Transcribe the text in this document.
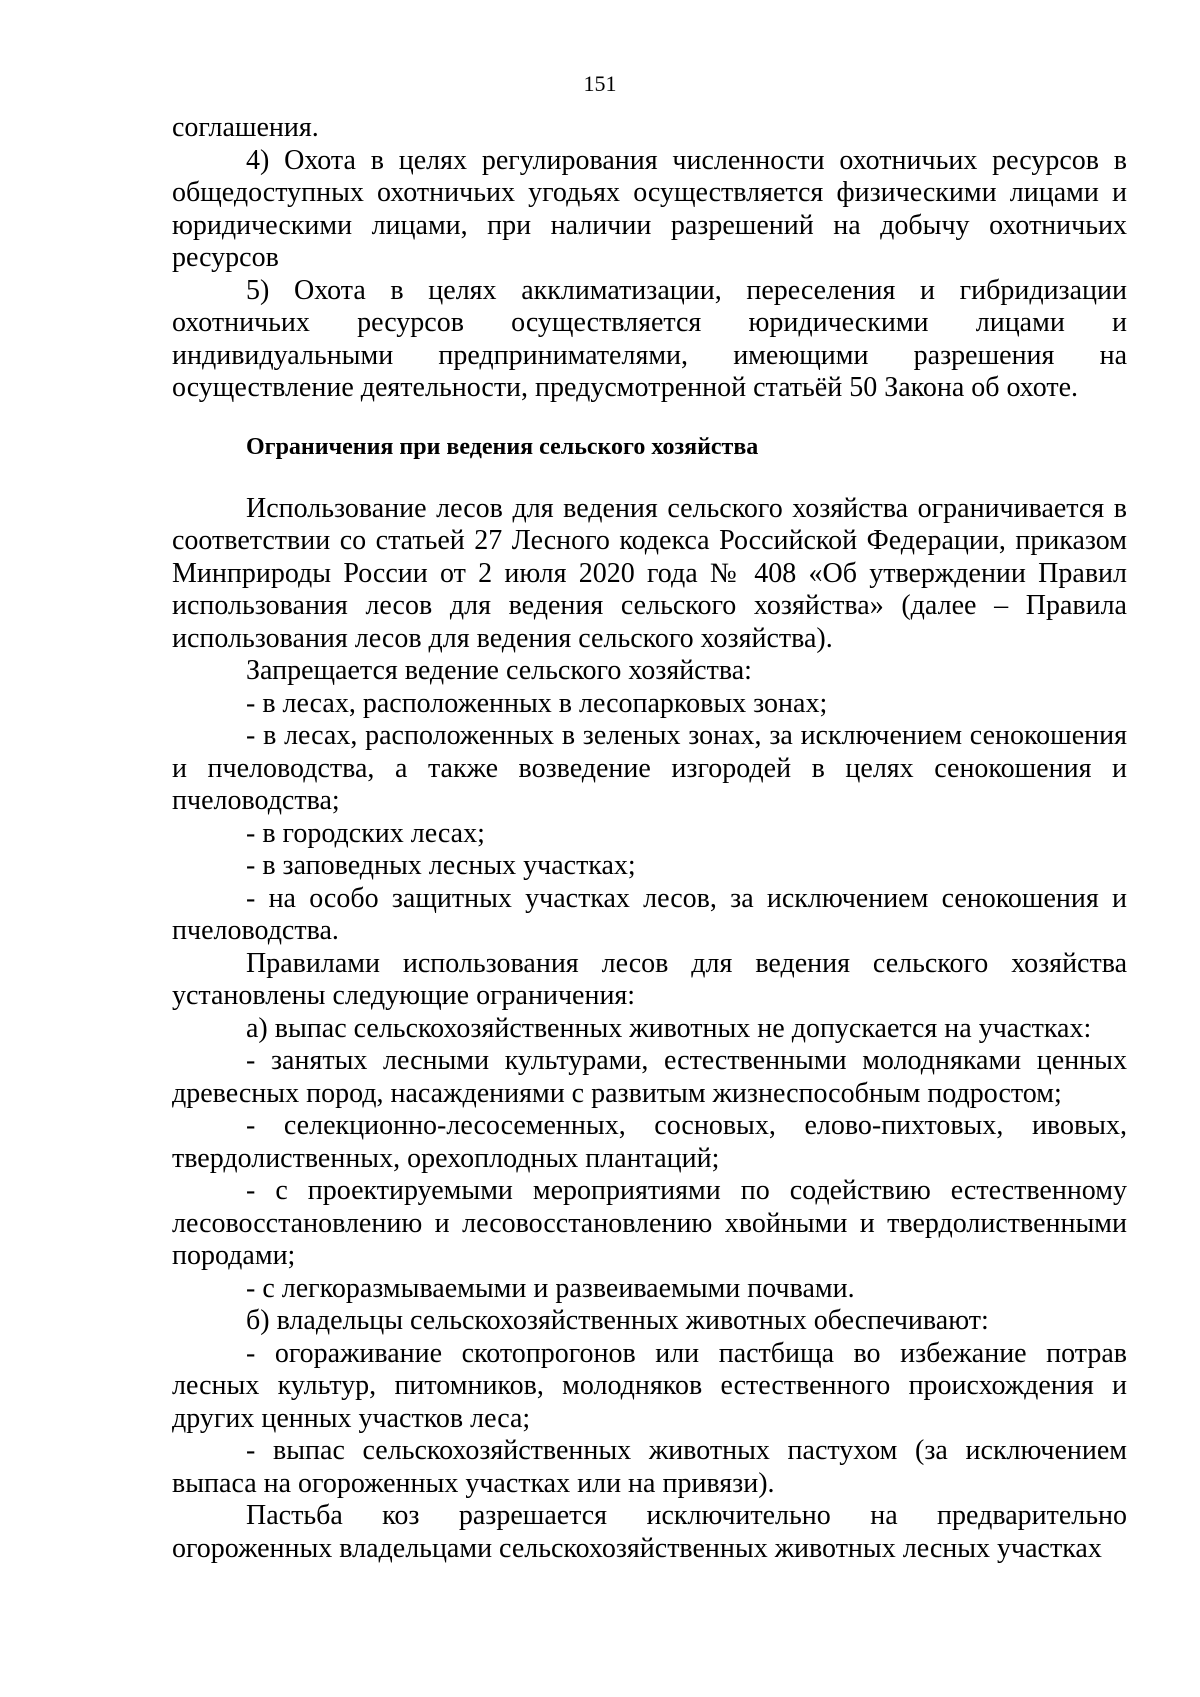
151

соглашения.

4) Охота в целях регулирования численности охотничьих ресурсов в общедоступных охотничьих угодьях осуществляется физическими лицами и юридическими лицами, при наличии разрешений на добычу охотничьих ресурсов

5) Охота в целях акклиматизации, переселения и гибридизации охотничьих ресурсов осуществляется юридическими лицами и индивидуальными предпринимателями, имеющими разрешения на осуществление деятельности, предусмотренной статьёй 50 Закона об охоте.

Ограничения при ведения сельского хозяйства

Использование лесов для ведения сельского хозяйства ограничивается в соответствии со статьей 27 Лесного кодекса Российской Федерации, приказом Минприроды России от 2 июля 2020 года № 408 «Об утверждении Правил использования лесов для ведения сельского хозяйства» (далее – Правила использования лесов для ведения сельского хозяйства).

Запрещается ведение сельского хозяйства:

- в лесах, расположенных в лесопарковых зонах;

- в лесах, расположенных в зеленых зонах, за исключением сенокошения и пчеловодства, а также возведение изгородей в целях сенокошения и пчеловодства;

- в городских лесах;

- в заповедных лесных участках;

- на особо защитных участках лесов, за исключением сенокошения и пчеловодства.

Правилами использования лесов для ведения сельского хозяйства установлены следующие ограничения:

а) выпас сельскохозяйственных животных не допускается на участках:

- занятых лесными культурами, естественными молодняками ценных древесных пород, насаждениями с развитым жизнеспособным подростом;

- селекционно-лесосеменных, сосновых, елово-пихтовых, ивовых, твердолиственных, орехоплодных плантаций;

- с проектируемыми мероприятиями по содействию естественному лесовосстановлению и лесовосстановлению хвойными и твердолиственными породами;

- с легкоразмываемыми и развеиваемыми почвами.

б) владельцы сельскохозяйственных животных обеспечивают:

- огораживание скотопрогонов или пастбища во избежание потрав лесных культур, питомников, молодняков естественного происхождения и других ценных участков леса;

- выпас сельскохозяйственных животных пастухом (за исключением выпаса на огороженных участках или на привязи).

Пастьба коз разрешается исключительно на предварительно огороженных владельцами сельскохозяйственных животных лесных участках
